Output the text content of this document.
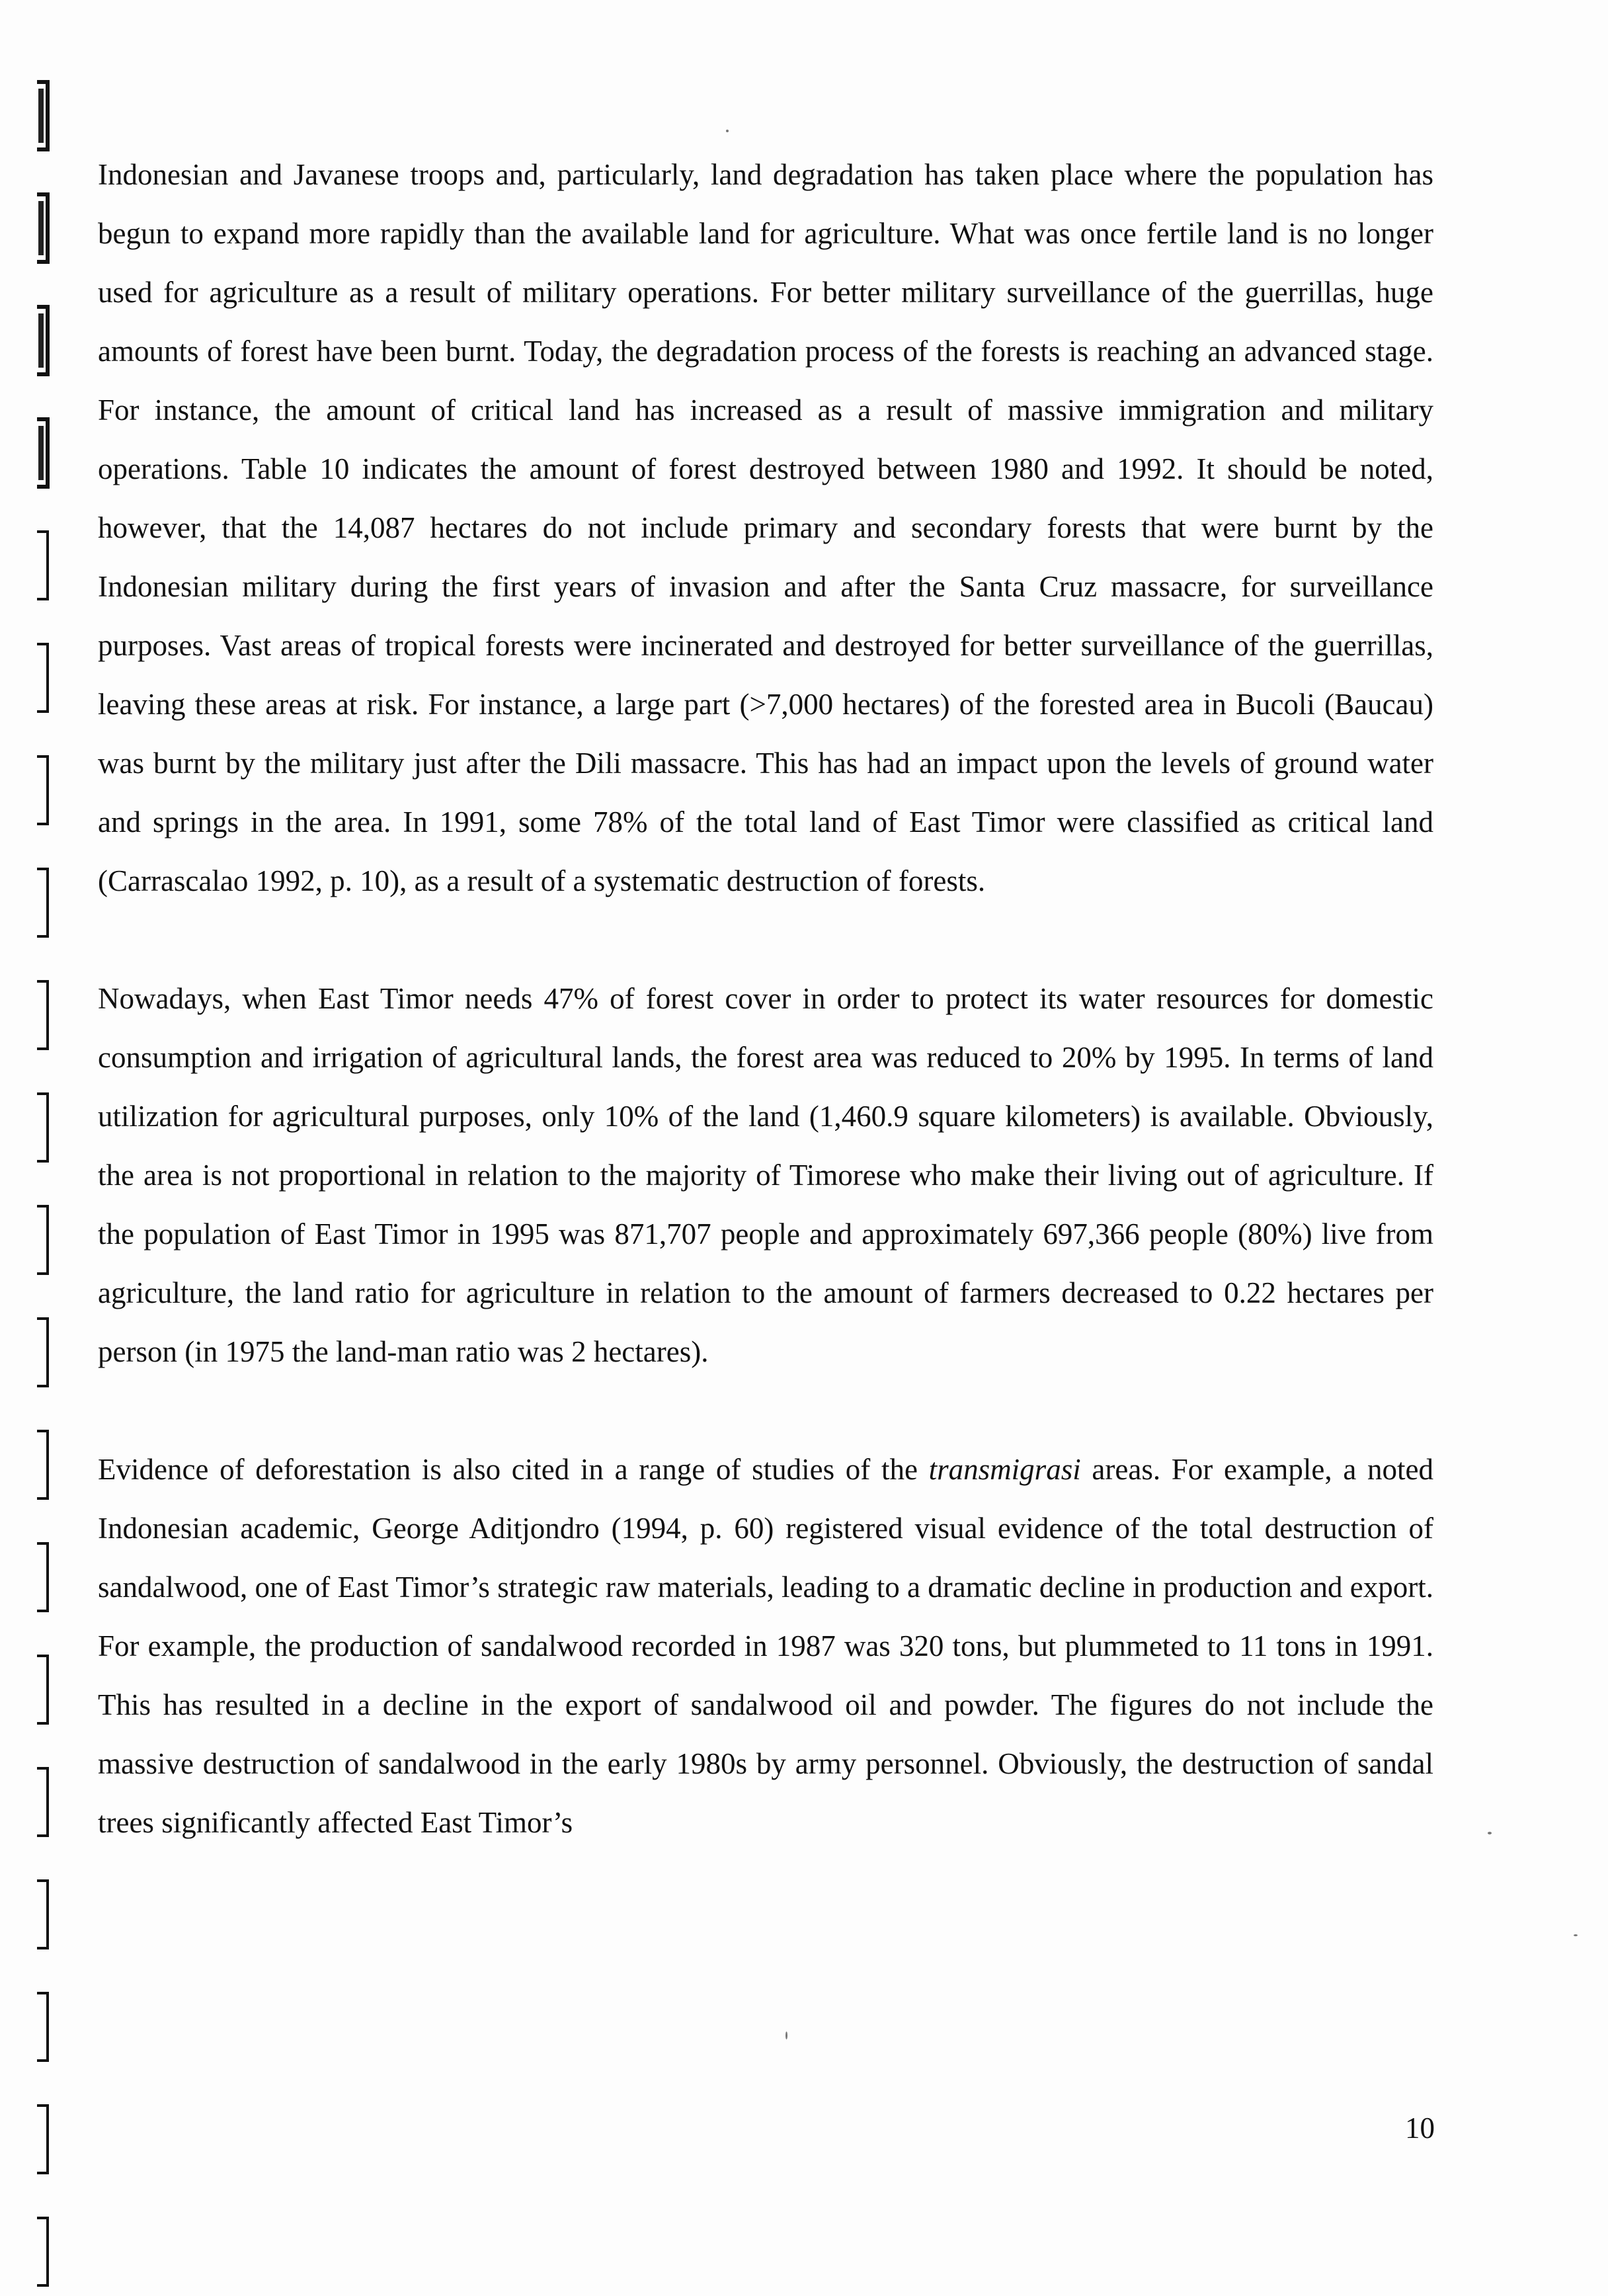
Indonesian and Javanese troops and, particularly, land degradation has taken place where the population has begun to expand more rapidly than the available land for agriculture. What was once fertile land is no longer used for agriculture as a result of military operations. For better military surveillance of the guerrillas, huge amounts of forest have been burnt. Today, the degradation process of the forests is reaching an advanced stage. For instance, the amount of critical land has increased as a result of massive immigration and military operations. Table 10 indicates the amount of forest destroyed between 1980 and 1992. It should be noted, however, that the 14,087 hectares do not include primary and secondary forests that were burnt by the Indonesian military during the first years of invasion and after the Santa Cruz massacre, for surveillance purposes. Vast areas of tropical forests were incinerated and destroyed for better surveillance of the guerrillas, leaving these areas at risk. For instance, a large part (>7,000 hectares) of the forested area in Bucoli (Baucau) was burnt by the military just after the Dili massacre. This has had an impact upon the levels of ground water and springs in the area. In 1991, some 78% of the total land of East Timor were classified as critical land (Carrascalao 1992, p. 10), as a result of a systematic destruction of forests.

Nowadays, when East Timor needs 47% of forest cover in order to protect its water resources for domestic consumption and irrigation of agricultural lands, the forest area was reduced to 20% by 1995. In terms of land utilization for agricultural purposes, only 10% of the land (1,460.9 square kilometers) is available. Obviously, the area is not proportional in relation to the majority of Timorese who make their living out of agriculture. If the population of East Timor in 1995 was 871,707 people and approximately 697,366 people (80%) live from agriculture, the land ratio for agriculture in relation to the amount of farmers decreased to 0.22 hectares per person (in 1975 the land-man ratio was 2 hectares).

Evidence of deforestation is also cited in a range of studies of the transmigrasi areas. For example, a noted Indonesian academic, George Aditjondro (1994, p. 60) registered visual evidence of the total destruction of sandalwood, one of East Timor’s strategic raw materials, leading to a dramatic decline in production and export. For example, the production of sandalwood recorded in 1987 was 320 tons, but plummeted to 11 tons in 1991. This has resulted in a decline in the export of sandalwood oil and powder. The figures do not include the massive destruction of sandalwood in the early 1980s by army personnel. Obviously, the destruction of sandal trees significantly affected East Timor’s

10
